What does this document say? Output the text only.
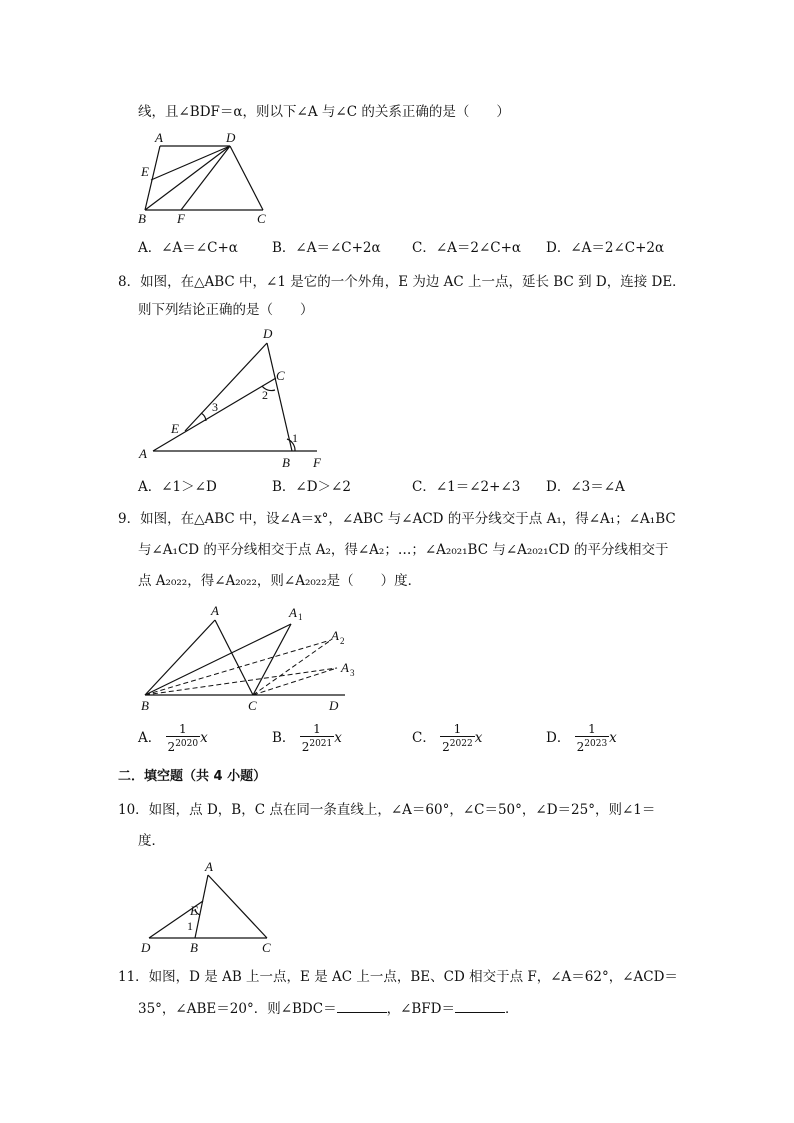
线，且∠BDF＝α，则以下∠A 与∠C 的关系正确的是（　　）
A	D
E
B F	C
A．∠A＝∠C+α	B．∠A＝∠C+2α C．∠A＝2∠C+α D．∠A＝2∠C+2α
8．如图，在△ABC 中，∠1 是它的一个外角，E 为边 AC 上一点，延长 BC 到 D，连接 DE．
则下列结论正确的是（　　）
D
C
2
3
E
1
A
B F
A．∠1＞∠D	B．∠D＞∠2	C．∠1＝∠2+∠3 D．∠3＝∠A
9．如图，在△ABC 中，设∠A＝x°，∠ABC 与∠ACD 的平分线交于点 A₁，得∠A₁；∠A₁BC
与∠A₁CD 的平分线相交于点 A₂，得∠A₂；…；∠A₂₀₂₁BC 与∠A₂₀₂₁CD 的平分线相交于
点 A₂₀₂₂，得∠A₂₀₂₂，则∠A₂₀₂₂是（　　）度．
A	A 1
A 2
A 3
B	C	D
A． $\frac{1}{2^{2020}}$ x	B． $\frac{1}{2^{2021}}$ x	C． $\frac{1}{2^{2022}}$ x	D． $\frac{1}{2^{2023}}$ x
二．填空题（共 4 小题）
10．如图，点 D，B，C 点在同一条直线上，∠A＝60°，∠C＝50°，∠D＝25°，则∠1＝
度．
A
E
1
D	B	C
11．如图，D 是 AB 上一点，E 是 AC 上一点，BE、CD 相交于点 F，∠A＝62°，∠ACD＝
35°，∠ABE＝20°．则∠BDC＝	，∠BFD＝	．
